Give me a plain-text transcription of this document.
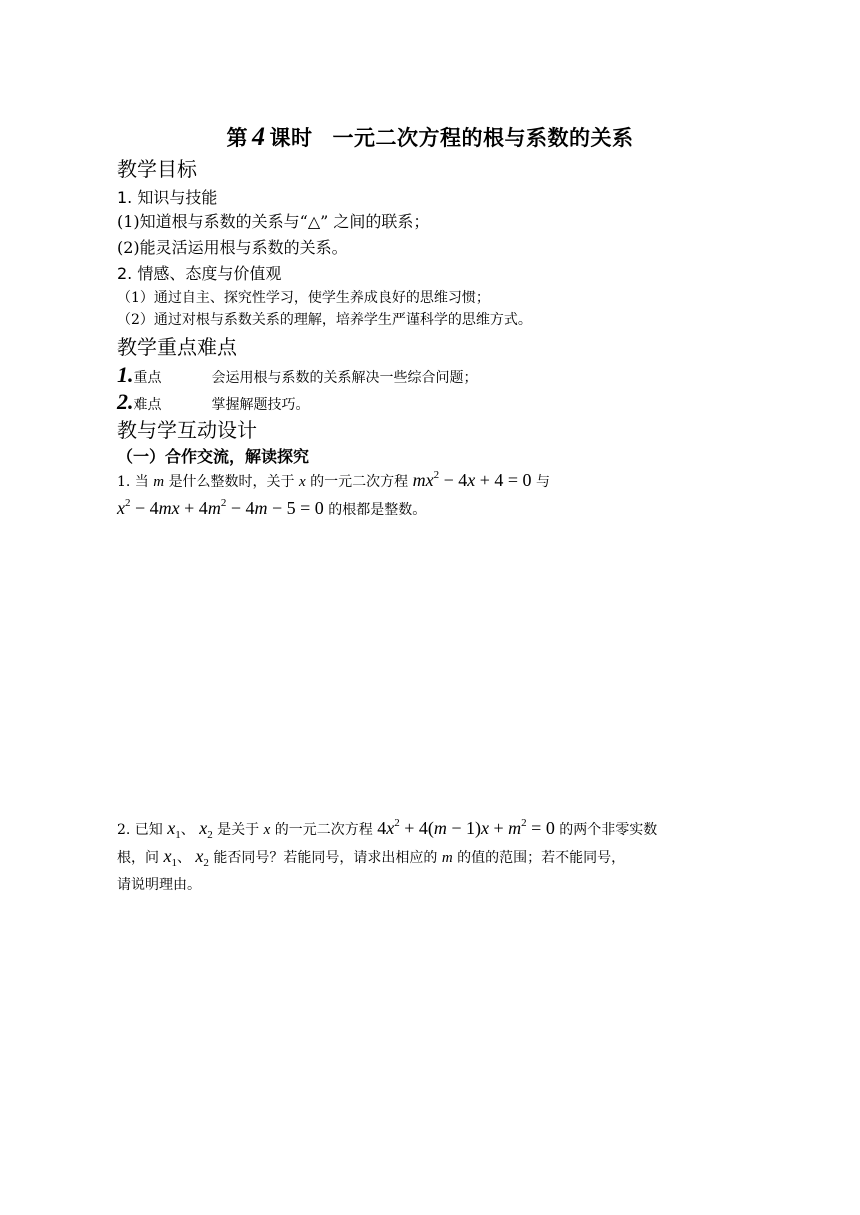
第 4 课时 一元二次方程的根与系数的关系
教学目标
1. 知识与技能
(1)知道根与系数的关系与“△” 之间的联系；
(2)能灵活运用根与系数的关系。
2. 情感、态度与价值观
（1）通过自主、探究性学习，使学生养成良好的思维习惯；
（2）通过对根与系数关系的理解，培养学生严谨科学的思维方式。
教学重点难点
1.重点	会运用根与系数的关系解决一些综合问题；
2.难点	掌握解题技巧。
教与学互动设计
（一）合作交流，解读探究
1. 当 m 是什么整数时，关于 x 的一元二次方程 $mx^2 - 4x + 4 = 0$ 与
$x^2 - 4mx + 4m^2 - 4m - 5 = 0$ 的根都是整数。
2. 已知 $x_1$、 $x_2$ 是关于 x 的一元二次方程 $4x^2 + 4(m - 1)x + m^2 = 0$ 的两个非零实数
根，问 $x_1$、 $x_2$ 能否同号？若能同号，请求出相应的 m 的值的范围；若不能同号，
请说明理由。
